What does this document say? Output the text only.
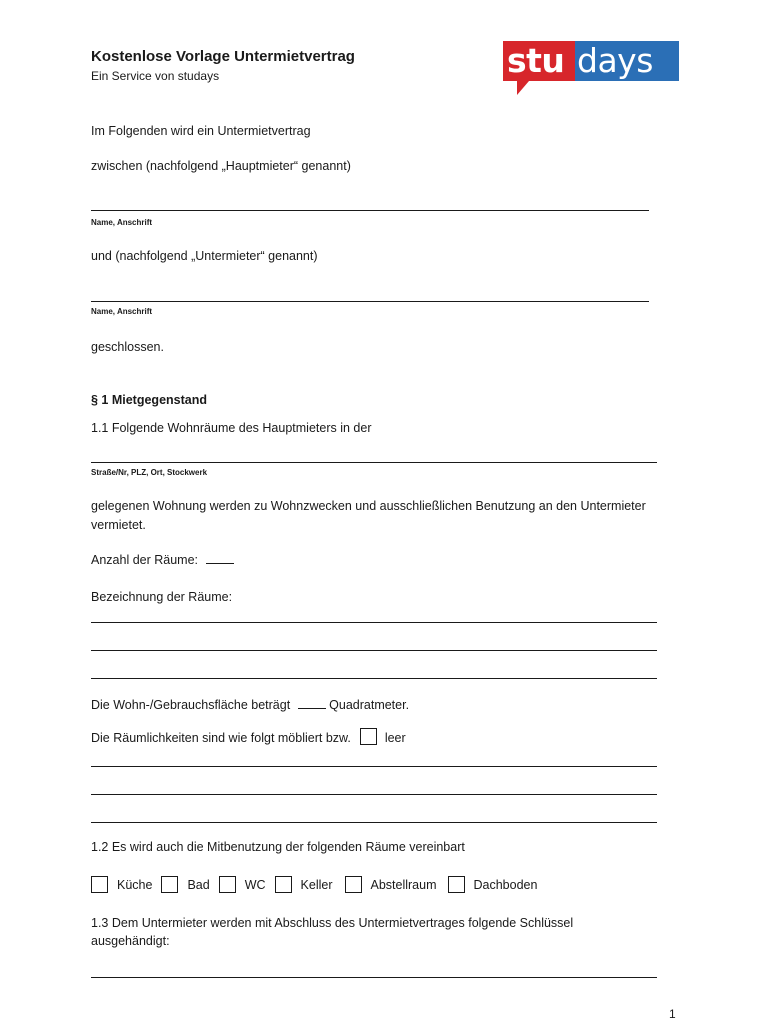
Kostenlose Vorlage Untermietvertrag
Ein Service von studays	stu days
Im Folgenden wird ein Untermietvertrag
zwischen (nachfolgend „Hauptmieter“ genannt)
Name, Anschrift
und (nachfolgend „Untermieter“ genannt)
Name, Anschrift
geschlossen.
§ 1 Mietgegenstand
1.1 Folgende Wohnräume des Hauptmieters in der
Straße/Nr, PLZ, Ort, Stockwerk
gelegenen Wohnung werden zu Wohnzwecken und ausschließlichen Benutzung an den Untermieter
vermietet.
Anzahl der Räume:
Bezeichnung der Räume:
Die Wohn-/Gebrauchsfläche beträgt	Quadratmeter.
Die Räumlichkeiten sind wie folgt möbliert bzw.	leer
1.2 Es wird auch die Mitbenutzung der folgenden Räume vereinbart
Küche	Bad	WC	Keller	Abstellraum	Dachboden
1.3 Dem Untermieter werden mit Abschluss des Untermietvertrages folgende Schlüssel
ausgehändigt:
1
